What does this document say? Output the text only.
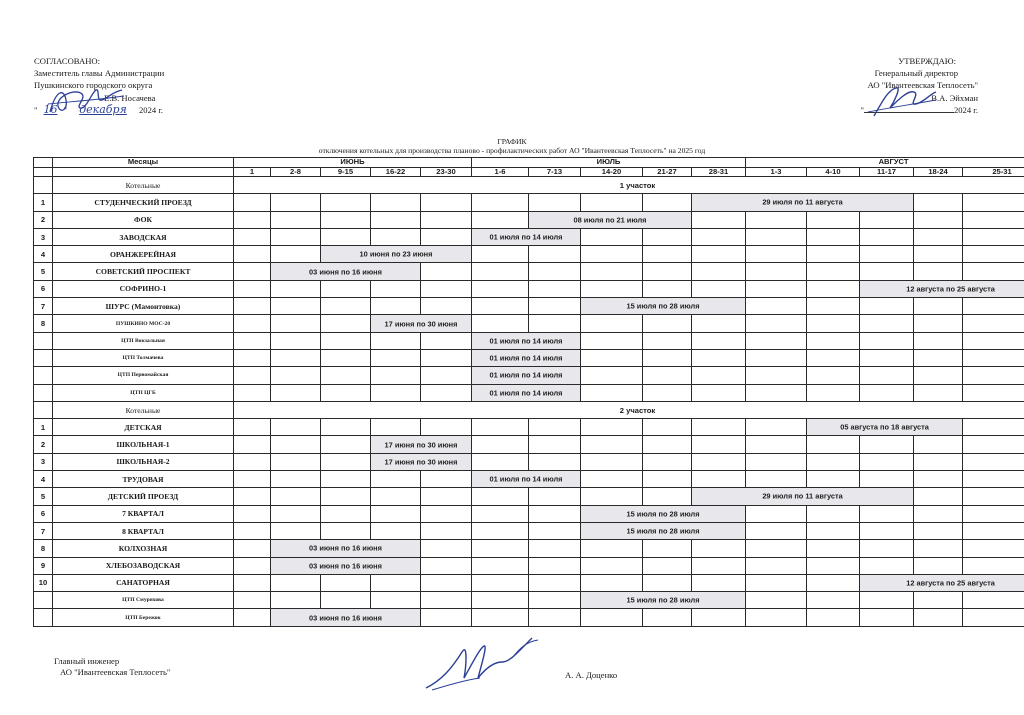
СОГЛАСОВАНО:
Заместитель главы Администрации
Пушкинского городского округа
Е.В. Носачева
" 16 " декабря 2024 г.
УТВЕРЖДАЮ:
Генеральный директор
АО "Ивантеевская Теплосеть"
В.А. Эйхман
"	2024 г.
ГРАФИК
отключения котельных для производства планово - профилактических работ АО "Ивантеевская Теплосеть" на 2025 год
	Месяцы	ИЮНЬ					ИЮЛЬ					АВГУСТ				
		1	2-8	9-15	16-22	23-30	1-6	7-13	14-20	21-27	28-31	1-3	4-10	11-17	18-24	25-31
	Котельные	1 участок														
1	СТУДЕНЧЕСКИЙ ПРОЕЗД										29 июля по 11 августа					

2	ФОК							08 июля по 21 июля								

3	ЗАВОДСКАЯ						01 июля по 14 июля									

4	ОРАНЖЕРЕЙНАЯ			10 июня по 23 июня												

5	СОВЕТСКИЙ ПРОСПЕКТ		03 июня по 16 июня													

6	СОФРИНО-1													12 августа по 25 августа		

7	ШУРС (Мамонтовка)								15 июля по 28 июля							

8	ПУШКИНО МОС-20				17 июня по 30 июня											

	ЦТП Вокзальная						01 июля по 14 июля									

	ЦТП Толмачева						01 июля по 14 июля									

	ЦТП Первомайская						01 июля по 14 июля									

	ЦТП ЦГБ						01 июля по 14 июля									

	Котельные	2 участок														
1	ДЕТСКАЯ												05 августа по 18 августа			

2	ШКОЛЬНАЯ-1				17 июня по 30 июня											

3	ШКОЛЬНАЯ-2				17 июня по 30 июня											

4	ТРУДОВАЯ						01 июля по 14 июля									

5	ДЕТСКИЙ ПРОЕЗД										29 июля по 11 августа					

6	7 КВАРТАЛ								15 июля по 28 июля							

7	8 КВАРТАЛ								15 июля по 28 июля							

8	КОЛХОЗНАЯ		03 июня по 16 июня													

9	ХЛЕБОЗАВОДСКАЯ		03 июня по 16 июня													

10	САНАТОРНАЯ													12 августа по 25 августа		

	ЦТП Смуряхова								15 июля по 28 июля							

	ЦТП Бережок		03 июня по 16 июня													

Главный инженер
АО "Ивантеевская Теплосеть"	А. А. Доценко
